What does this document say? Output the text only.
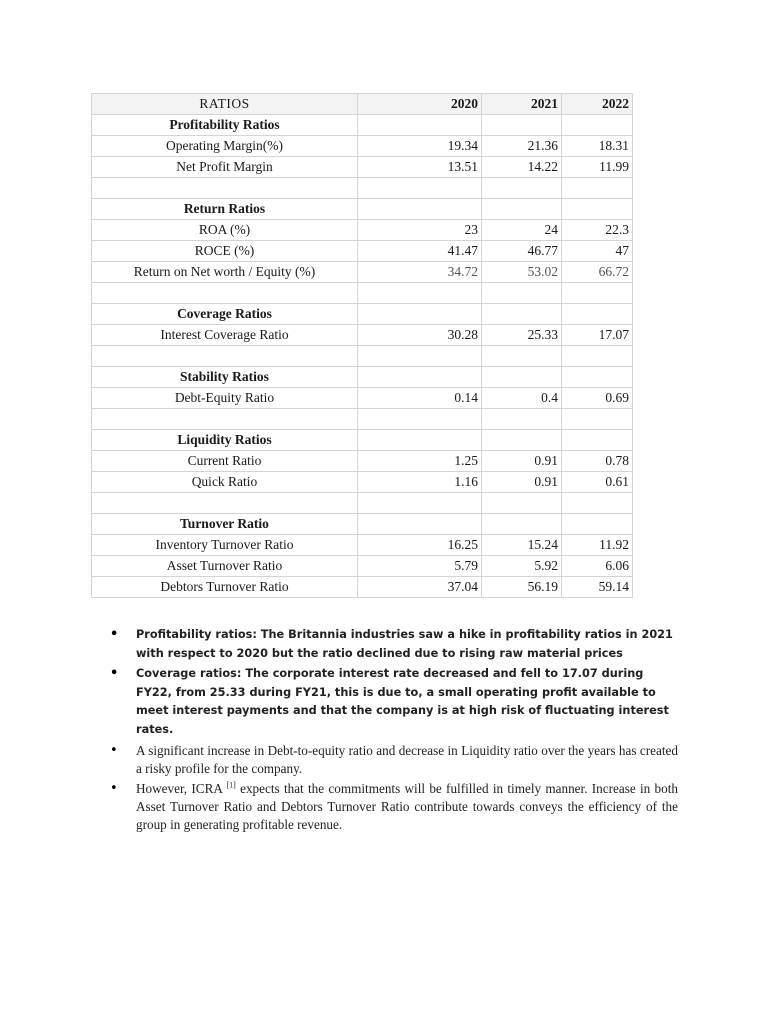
RATIOS	2020	2021	2022
Profitability Ratios			
Operating Margin(%)	19.34	21.36	18.31
Net Profit Margin	13.51	14.22	11.99

Return Ratios			
ROA (%)	23	24	22.3
ROCE (%)	41.47	46.77	47
Return on Net worth / Equity (%)	34.72	53.02	66.72

Coverage Ratios			
Interest Coverage Ratio	30.28	25.33	17.07

Stability Ratios			
Debt-Equity Ratio	0.14	0.4	0.69

Liquidity Ratios			
Current Ratio	1.25	0.91	0.78
Quick Ratio	1.16	0.91	0.61

Turnover Ratio			
Inventory Turnover Ratio	16.25	15.24	11.92
Asset Turnover Ratio	5.79	5.92	6.06
Debtors Turnover Ratio	37.04	56.19	59.14
• Profitability ratios: The Britannia industries saw a hike in profitability ratios in 2021 with respect to 2020 but the ratio declined due to rising raw material prices
• Coverage ratios: The corporate interest rate decreased and fell to 17.07 during FY22, from 25.33 during FY21, this is due to, a small operating profit available to meet interest payments and that the company is at high risk of fluctuating interest rates.
• A significant increase in Debt-to-equity ratio and decrease in Liquidity ratio over the years has created a risky profile for the company.
• However, ICRA [1] expects that the commitments will be fulfilled in timely manner. Increase in both Asset Turnover Ratio and Debtors Turnover Ratio contribute towards conveys the efficiency of the group in generating profitable revenue.
